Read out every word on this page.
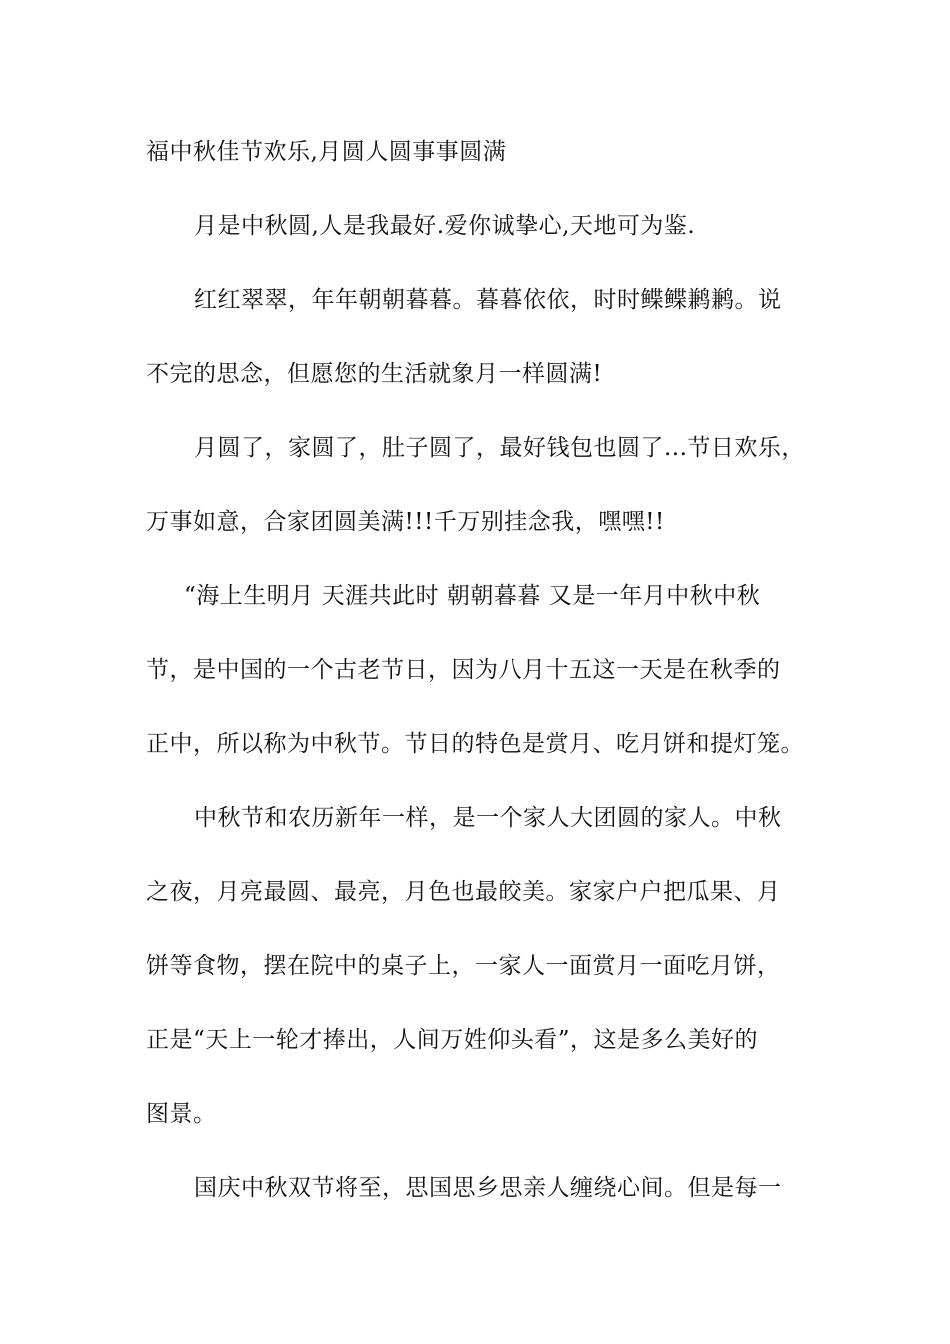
福中秋佳节欢乐,月圆人圆事事圆满
月是中秋圆,人是我最好.爱你诚挚心,天地可为鉴.
红红翠翠，年年朝朝暮暮。暮暮依依，时时鲽鲽鹣鹣。说
不完的思念，但愿您的生活就象月一样圆满!
月圆了，家圆了，肚子圆了，最好钱包也圆了...节日欢乐，
万事如意，合家团圆美满!!!千万别挂念我，嘿嘿!!
“海上生明月 天涯共此时 朝朝暮暮 又是一年月中秋中秋
节，是中国的一个古老节日，因为八月十五这一天是在秋季的
正中，所以称为中秋节。节日的特色是赏月、吃月饼和提灯笼。
中秋节和农历新年一样，是一个家人大团圆的家人。中秋
之夜，月亮最圆、最亮，月色也最皎美。家家户户把瓜果、月
饼等食物，摆在院中的桌子上，一家人一面赏月一面吃月饼，
正是“天上一轮才捧出，人间万姓仰头看”，这是多么美好的
图景。
国庆中秋双节将至，思国思乡思亲人缠绕心间。但是每一
